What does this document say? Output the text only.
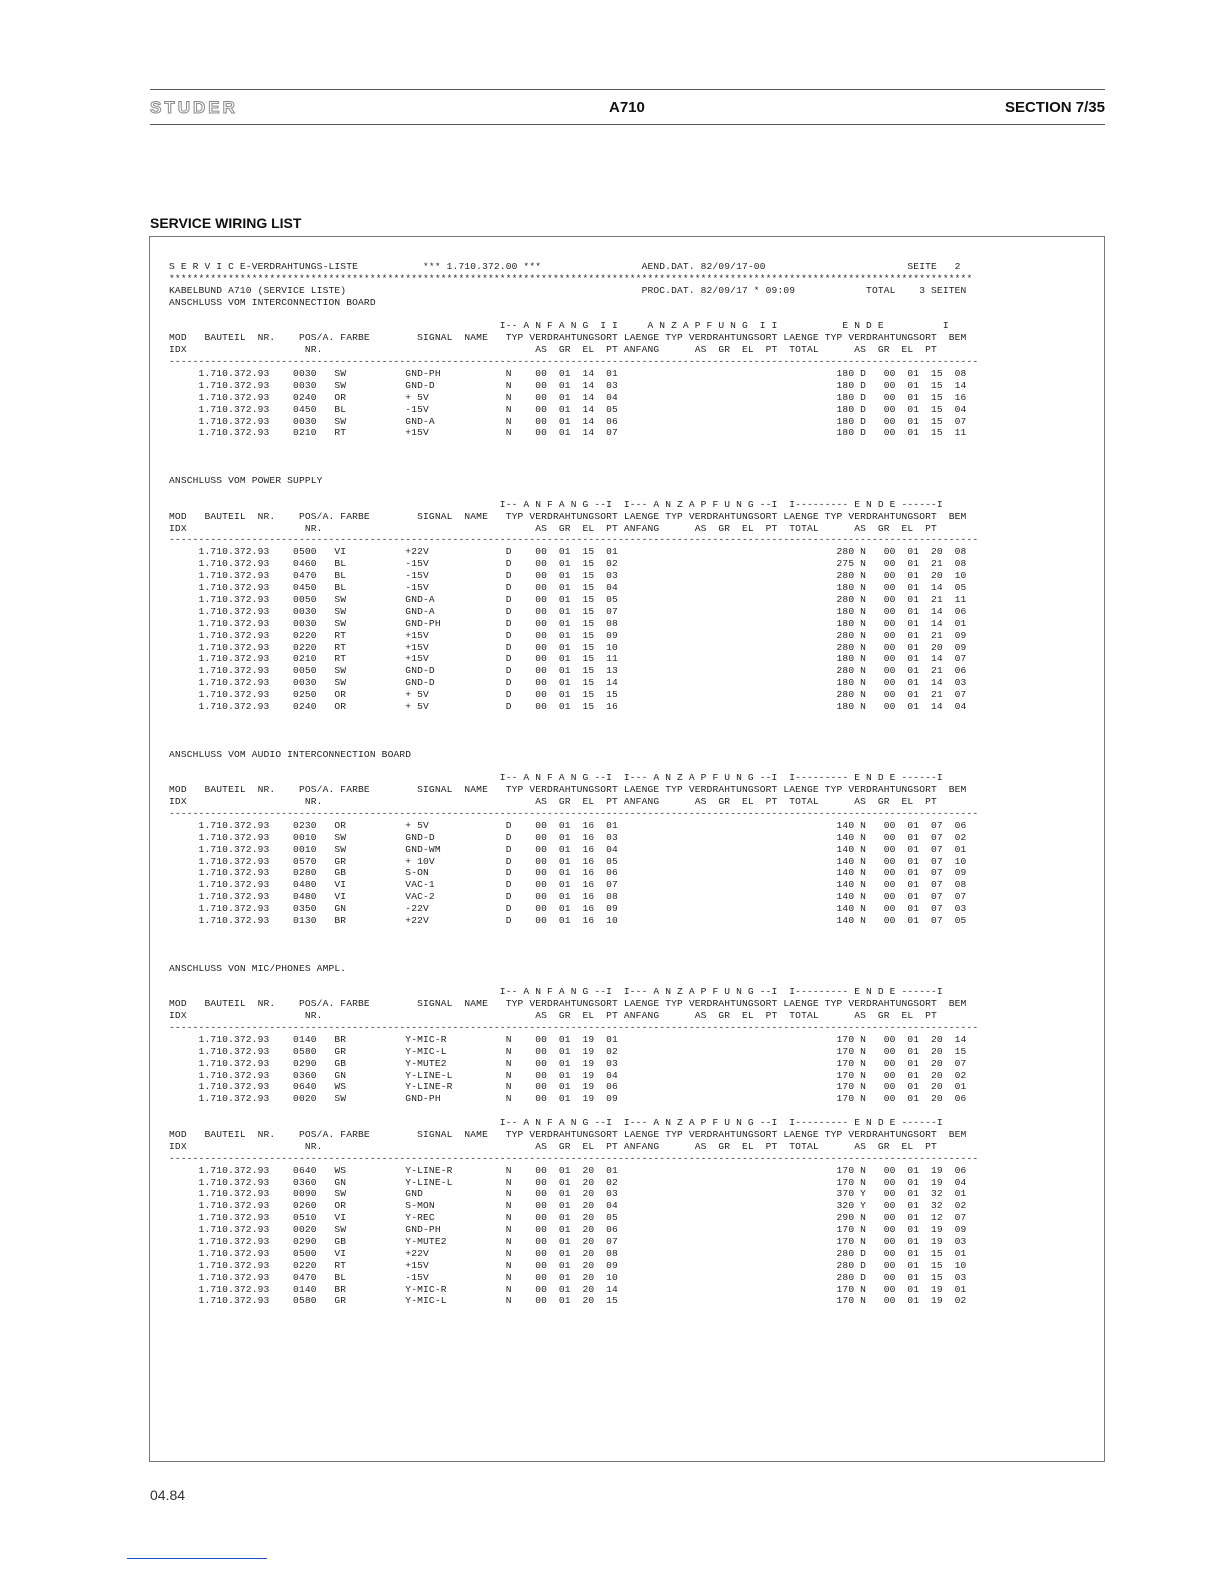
STUDER	A710	SECTION 7/35
SERVICE WIRING LIST
S E R V I C E-VERDRAHTUNGS-LISTE           *** 1.710.372.00 ***                 AEND.DAT. 82/09/17-00                        SEITE   2
****************************************************************************************************************************************
KABELBUND A710 (SERVICE LISTE)                                                  PROC.DAT. 82/09/17 * 09:09            TOTAL    3 SEITEN
ANSCHLUSS VOM INTERCONNECTION BOARD
I-- A N F A N G  I I     A N Z A P F U N G  I I           E N D E          I
MOD   BAUTEIL  NR.    POS/A. FARBE        SIGNAL  NAME   TYP VERDRAHTUNGSORT LAENGE TYP VERDRAHTUNGSORT LAENGE TYP VERDRAHTUNGSORT  BEM
IDX                    NR.                                    AS  GR  EL  PT ANFANG      AS  GR  EL  PT  TOTAL      AS  GR  EL  PT
-----------------------------------------------------------------------------------------------------------------------------------------
1.710.372.93    0030   SW          GND-PH           N    00  01  14  01                                     180 D   00  01  15  08
1.710.372.93    0030   SW          GND-D            N    00  01  14  03                                     180 D   00  01  15  14
1.710.372.93    0240   OR          + 5V             N    00  01  14  04                                     180 D   00  01  15  16
1.710.372.93    0450   BL          -15V             N    00  01  14  05                                     180 D   00  01  15  04
1.710.372.93    0030   SW          GND-A            N    00  01  14  06                                     180 D   00  01  15  07
1.710.372.93    0210   RT          +15V             N    00  01  14  07                                     180 D   00  01  15  11
ANSCHLUSS VOM POWER SUPPLY
I-- A N F A N G --I  I--- A N Z A P F U N G --I  I--------- E N D E ------I
MOD   BAUTEIL  NR.    POS/A. FARBE        SIGNAL  NAME   TYP VERDRAHTUNGSORT LAENGE TYP VERDRAHTUNGSORT LAENGE TYP VERDRAHTUNGSORT  BEM
IDX                    NR.                                    AS  GR  EL  PT ANFANG      AS  GR  EL  PT  TOTAL      AS  GR  EL  PT
-----------------------------------------------------------------------------------------------------------------------------------------
1.710.372.93    0500   VI          +22V             D    00  01  15  01                                     280 N   00  01  20  08
1.710.372.93    0460   BL          -15V             D    00  01  15  02                                     275 N   00  01  21  08
1.710.372.93    0470   BL          -15V             D    00  01  15  03                                     280 N   00  01  20  10
1.710.372.93    0450   BL          -15V             D    00  01  15  04                                     180 N   00  01  14  05
1.710.372.93    0050   SW          GND-A            D    00  01  15  05                                     280 N   00  01  21  11
1.710.372.93    0030   SW          GND-A            D    00  01  15  07                                     180 N   00  01  14  06
1.710.372.93    0030   SW          GND-PH           D    00  01  15  08                                     180 N   00  01  14  01
1.710.372.93    0220   RT          +15V             D    00  01  15  09                                     280 N   00  01  21  09
1.710.372.93    0220   RT          +15V             D    00  01  15  10                                     280 N   00  01  20  09
1.710.372.93    0210   RT          +15V             D    00  01  15  11                                     180 N   00  01  14  07
1.710.372.93    0050   SW          GND-D            D    00  01  15  13                                     280 N   00  01  21  06
1.710.372.93    0030   SW          GND-D            D    00  01  15  14                                     180 N   00  01  14  03
1.710.372.93    0250   OR          + 5V             D    00  01  15  15                                     280 N   00  01  21  07
1.710.372.93    0240   OR          + 5V             D    00  01  15  16                                     180 N   00  01  14  04
ANSCHLUSS VOM AUDIO INTERCONNECTION BOARD
I-- A N F A N G --I  I--- A N Z A P F U N G --I  I--------- E N D E ------I
MOD   BAUTEIL  NR.    POS/A. FARBE        SIGNAL  NAME   TYP VERDRAHTUNGSORT LAENGE TYP VERDRAHTUNGSORT LAENGE TYP VERDRAHTUNGSORT  BEM
IDX                    NR.                                    AS  GR  EL  PT ANFANG      AS  GR  EL  PT  TOTAL      AS  GR  EL  PT
-----------------------------------------------------------------------------------------------------------------------------------------
1.710.372.93    0230   OR          + 5V             D    00  01  16  01                                     140 N   00  01  07  06
1.710.372.93    0010   SW          GND-D            D    00  01  16  03                                     140 N   00  01  07  02
1.710.372.93    0010   SW          GND-WM           D    00  01  16  04                                     140 N   00  01  07  01
1.710.372.93    0570   GR          + 10V            D    00  01  16  05                                     140 N   00  01  07  10
1.710.372.93    0280   GB          S-ON             D    00  01  16  06                                     140 N   00  01  07  09
1.710.372.93    0480   VI          VAC-1            D    00  01  16  07                                     140 N   00  01  07  08
1.710.372.93    0480   VI          VAC-2            D    00  01  16  08                                     140 N   00  01  07  07
1.710.372.93    0350   GN          -22V             D    00  01  16  09                                     140 N   00  01  07  03
1.710.372.93    0130   BR          +22V             D    00  01  16  10                                     140 N   00  01  07  05
ANSCHLUSS VON MIC/PHONES AMPL.
I-- A N F A N G --I  I--- A N Z A P F U N G --I  I--------- E N D E ------I
MOD   BAUTEIL  NR.    POS/A. FARBE        SIGNAL  NAME   TYP VERDRAHTUNGSORT LAENGE TYP VERDRAHTUNGSORT LAENGE TYP VERDRAHTUNGSORT  BEM
IDX                    NR.                                    AS  GR  EL  PT ANFANG      AS  GR  EL  PT  TOTAL      AS  GR  EL  PT
-----------------------------------------------------------------------------------------------------------------------------------------
1.710.372.93    0140   BR          Y-MIC-R          N    00  01  19  01                                     170 N   00  01  20  14
1.710.372.93    0580   GR          Y-MIC-L          N    00  01  19  02                                     170 N   00  01  20  15
1.710.372.93    0290   GB          Y-MUTE2          N    00  01  19  03                                     170 N   00  01  20  07
1.710.372.93    0360   GN          Y-LINE-L         N    00  01  19  04                                     170 N   00  01  20  02
1.710.372.93    0640   WS          Y-LINE-R         N    00  01  19  06                                     170 N   00  01  20  01
1.710.372.93    0020   SW          GND-PH           N    00  01  19  09                                     170 N   00  01  20  06
I-- A N F A N G --I  I--- A N Z A P F U N G --I  I--------- E N D E ------I
MOD   BAUTEIL  NR.    POS/A. FARBE        SIGNAL  NAME   TYP VERDRAHTUNGSORT LAENGE TYP VERDRAHTUNGSORT LAENGE TYP VERDRAHTUNGSORT  BEM
IDX                    NR.                                    AS  GR  EL  PT ANFANG      AS  GR  EL  PT  TOTAL      AS  GR  EL  PT
-----------------------------------------------------------------------------------------------------------------------------------------
1.710.372.93    0640   WS          Y-LINE-R         N    00  01  20  01                                     170 N   00  01  19  06
1.710.372.93    0360   GN          Y-LINE-L         N    00  01  20  02                                     170 N   00  01  19  04
1.710.372.93    0090   SW          GND              N    00  01  20  03                                     370 Y   00  01  32  01
1.710.372.93    0260   OR          S-MON            N    00  01  20  04                                     320 Y   00  01  32  02
1.710.372.93    0510   VI          Y-REC            N    00  01  20  05                                     290 N   00  01  12  07
1.710.372.93    0020   SW          GND-PH           N    00  01  20  06                                     170 N   00  01  19  09
1.710.372.93    0290   GB          Y-MUTE2          N    00  01  20  07                                     170 N   00  01  19  03
1.710.372.93    0500   VI          +22V             N    00  01  20  08                                     280 D   00  01  15  01
1.710.372.93    0220   RT          +15V             N    00  01  20  09                                     280 D   00  01  15  10
1.710.372.93    0470   BL          -15V             N    00  01  20  10                                     280 D   00  01  15  03
1.710.372.93    0140   BR          Y-MIC-R          N    00  01  20  14                                     170 N   00  01  19  01
1.710.372.93    0580   GR          Y-MIC-L          N    00  01  20  15                                     170 N   00  01  19  02
04.84
